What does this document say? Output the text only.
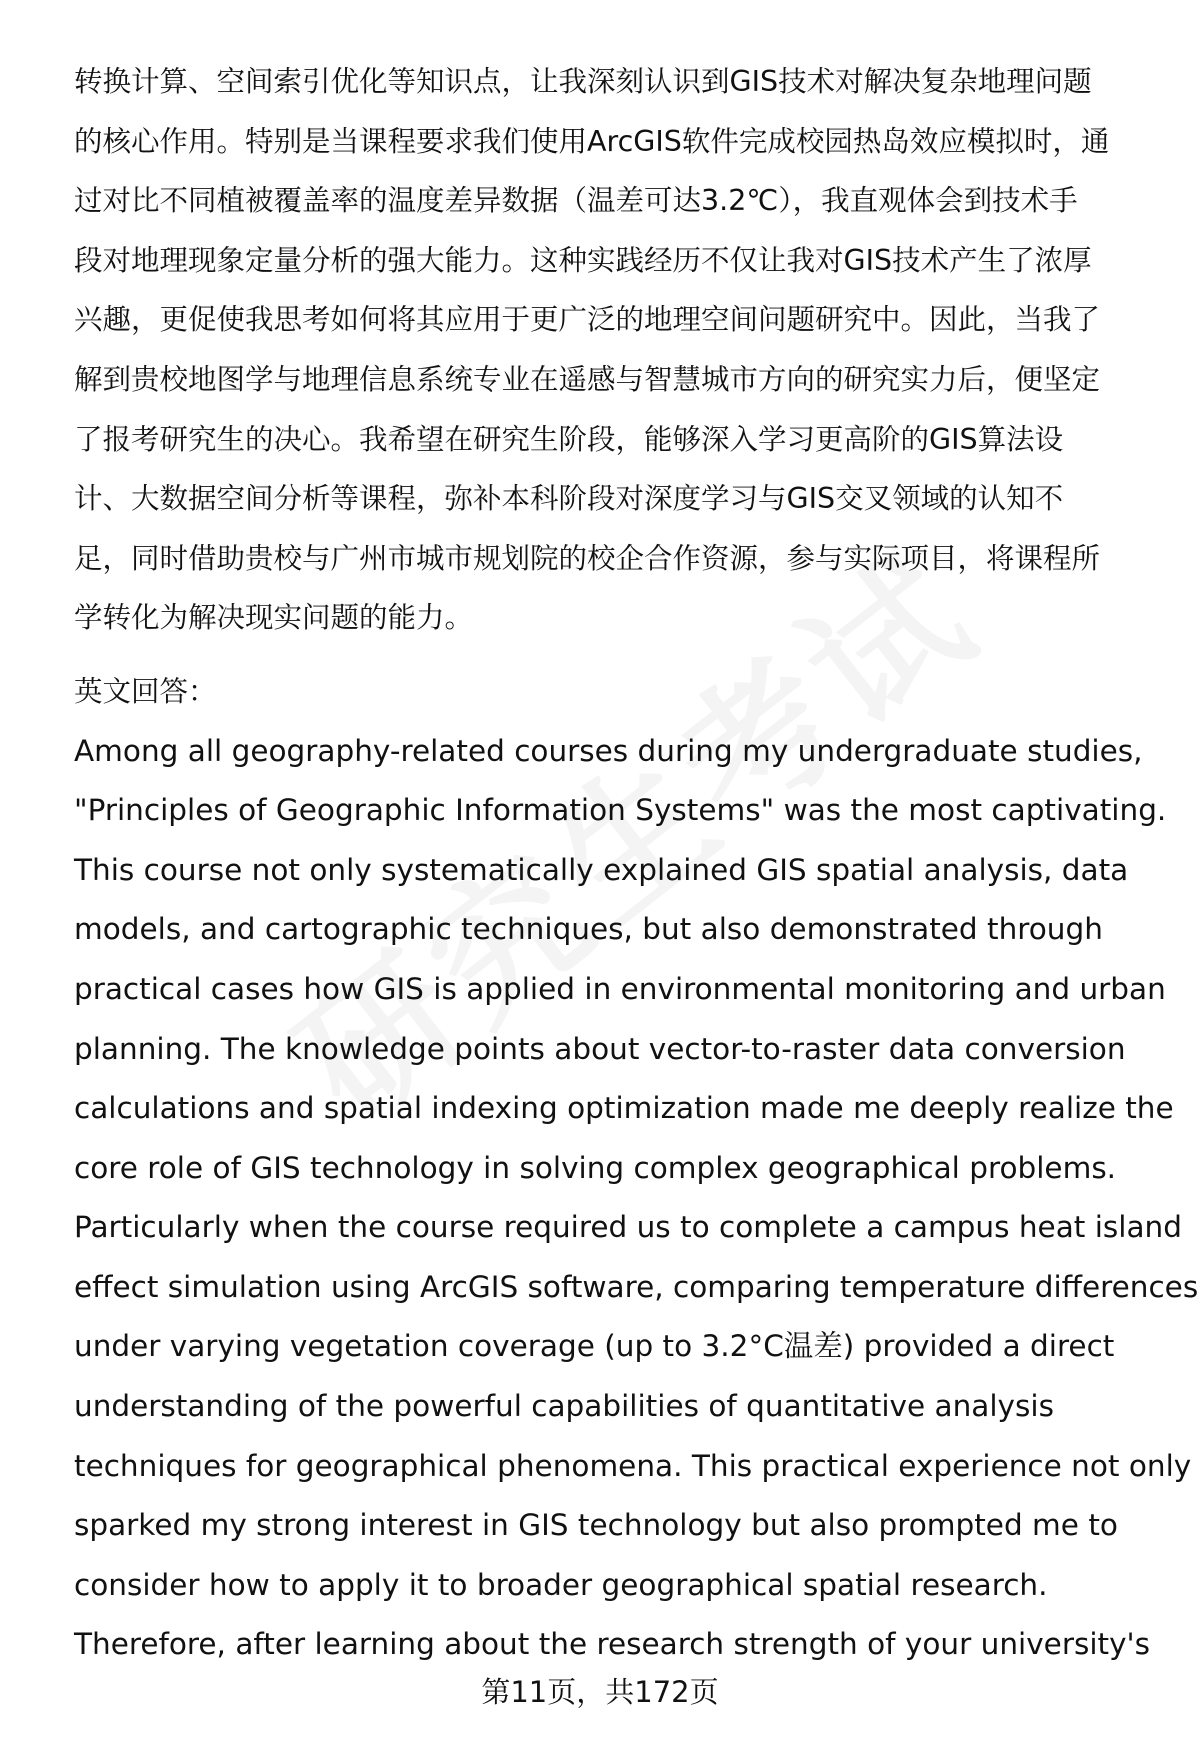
转换计算、空间索引优化等知识点，让我深刻认识到GIS技术对解决复杂地理问题
的核心作用。特别是当课程要求我们使用ArcGIS软件完成校园热岛效应模拟时，通
过对比不同植被覆盖率的温度差异数据（温差可达3.2℃），我直观体会到技术手
段对地理现象定量分析的强大能力。这种实践经历不仅让我对GIS技术产生了浓厚
兴趣，更促使我思考如何将其应用于更广泛的地理空间问题研究中。因此，当我了
解到贵校地图学与地理信息系统专业在遥感与智慧城市方向的研究实力后，便坚定
了报考研究生的决心。我希望在研究生阶段，能够深入学习更高阶的GIS算法设
计、大数据空间分析等课程，弥补本科阶段对深度学习与GIS交叉领域的认知不
足，同时借助贵校与广州市城市规划院的校企合作资源，参与实际项目，将课程所
学转化为解决现实问题的能力。
英文回答：
Among all geography-related courses during my undergraduate studies,
"Principles of Geographic Information Systems" was the most captivating.
This course not only systematically explained GIS spatial analysis, data
models, and cartographic techniques, but also demonstrated through
practical cases how GIS is applied in environmental monitoring and urban
planning. The knowledge points about vector-to-raster data conversion
calculations and spatial indexing optimization made me deeply realize the
core role of GIS technology in solving complex geographical problems.
Particularly when the course required us to complete a campus heat island
effect simulation using ArcGIS software, comparing temperature differences
under varying vegetation coverage (up to 3.2°C温差) provided a direct
understanding of the powerful capabilities of quantitative analysis
techniques for geographical phenomena. This practical experience not only
sparked my strong interest in GIS technology but also prompted me to
consider how to apply it to broader geographical spatial research.
Therefore, after learning about the research strength of your university's
第11页，共172页
